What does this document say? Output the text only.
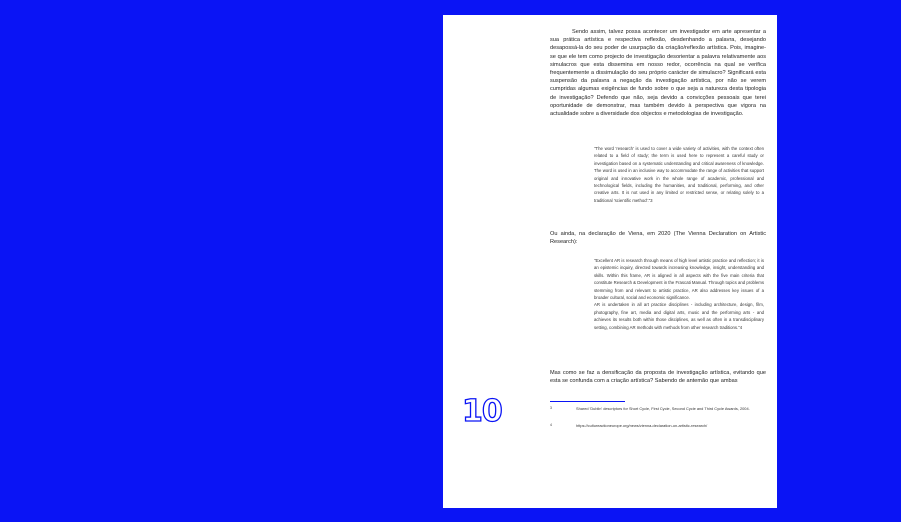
Sendo assim, talvez possa acontecer um investigador em arte apresentar a sua prática artística e respectiva reflexão, desdenhando a palavra, desejando desapossá-la do seu poder de usurpação da criação/reflexão artística. Pois, imagine-se que ele tem como projecto de investigação desorientar a palavra relativamente aos simulacros que esta dissemina em nosso redor, ocorrência na qual se verifica frequentemente a dissimulação do seu próprio carácter de simulacro? Significará esta suspensão da palavra a negação da investigação artística, por não se verem cumpridas algumas exigências de fundo sobre o que seja a natureza desta tipologia de investigação? Defendo que não, seja devido a convicções pessoais que terei oportunidade de demonstrar, mas também devido à perspectiva que vigora na actualidade sobre a diversidade dos objectos e metodologias de investigação.

"The word 'research' is used to cover a wide variety of activities, with the context often related to a field of study; the term is used here to represent a careful study or investigation based on a systematic understanding and critical awareness of knowledge. The word is used in an inclusive way to accommodate the range of activities that support original and innovative work in the whole range of academic, professional and technological fields, including the humanities, and traditional, performing, and other creative arts. It is not used in any limited or restricted sense, or relating solely to a traditional 'scientific method'."3

Ou ainda, na declaração de Viena, em 2020 (The Vienna Declaration on Artistic Research):

"Excellent AR is research through means of high level artistic practice and reflection; it is an epistemic inquiry, directed towards increasing knowledge, insight, understanding and skills. Within this frame, AR is aligned in all aspects with the five main criteria that constitute Research & Development in the Frascati Manual. Through topics and problems stemming from and relevant to artistic practice, AR also addresses key issues of a broader cultural, social and economic significance.

AR is undertaken in all art practice disciplines - including architecture, design, film, photography, fine art, media and digital arts, music and the performing arts - and achieves its results both within those disciplines, as well as often in a transdisciplinary setting, combining AR methods with methods from other research traditions."4

Mas como se faz a densificação da proposta de investigação artística, evitando que esta se confunda com a criação artística? Sabendo de antemão que ambas

3	Shared 'Dublin' descriptors for Short Cycle, First Cycle, Second Cycle and Third Cycle Awards, 2004.
4	https://cultureactioneurope.org/news/vienna-declaration-on-artistic-research/
10
